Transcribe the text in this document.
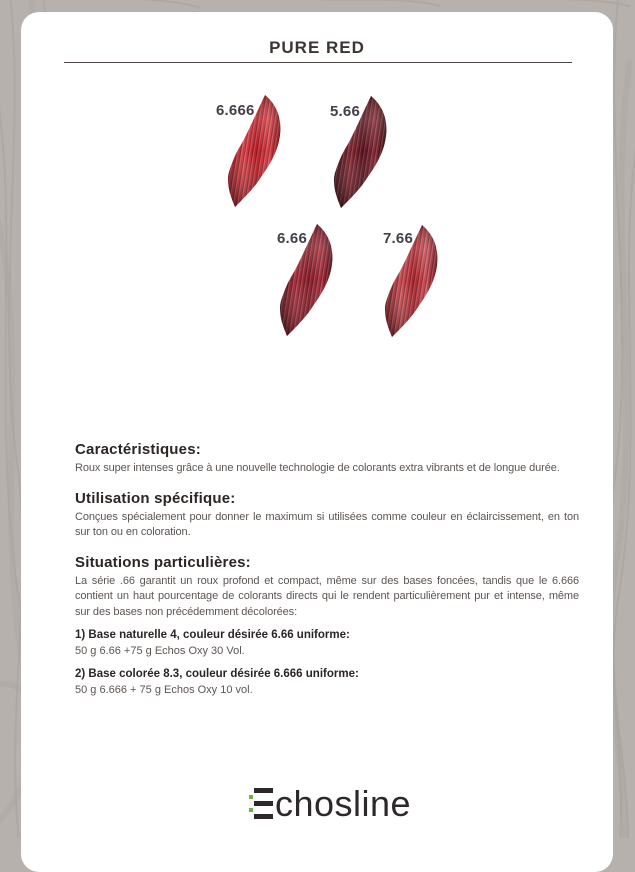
PURE RED
6.666	5.66
6.66	7.66
Caractéristiques:

Roux super intenses grâce à une nouvelle technologie de colorants extra vibrants et de longue durée.

Utilisation spécifique:

Conçues spécialement pour donner le maximum si utilisées comme couleur en éclaircissement, en ton sur ton ou en coloration.

Situations particulières:

La série .66 garantit un roux profond et compact, même sur des bases foncées, tandis que le 6.666 contient un haut pourcentage de colorants directs qui le rendent particulièrement pur et intense, même sur des bases non précédemment décolorées:

1) Base naturelle 4, couleur désirée 6.66 uniforme:

50 g 6.66 +75 g Echos Oxy 30 Vol.

2) Base colorée 8.3, couleur désirée 6.666 uniforme:

50 g 6.666 + 75 g Echos Oxy 10 vol.

chosline
